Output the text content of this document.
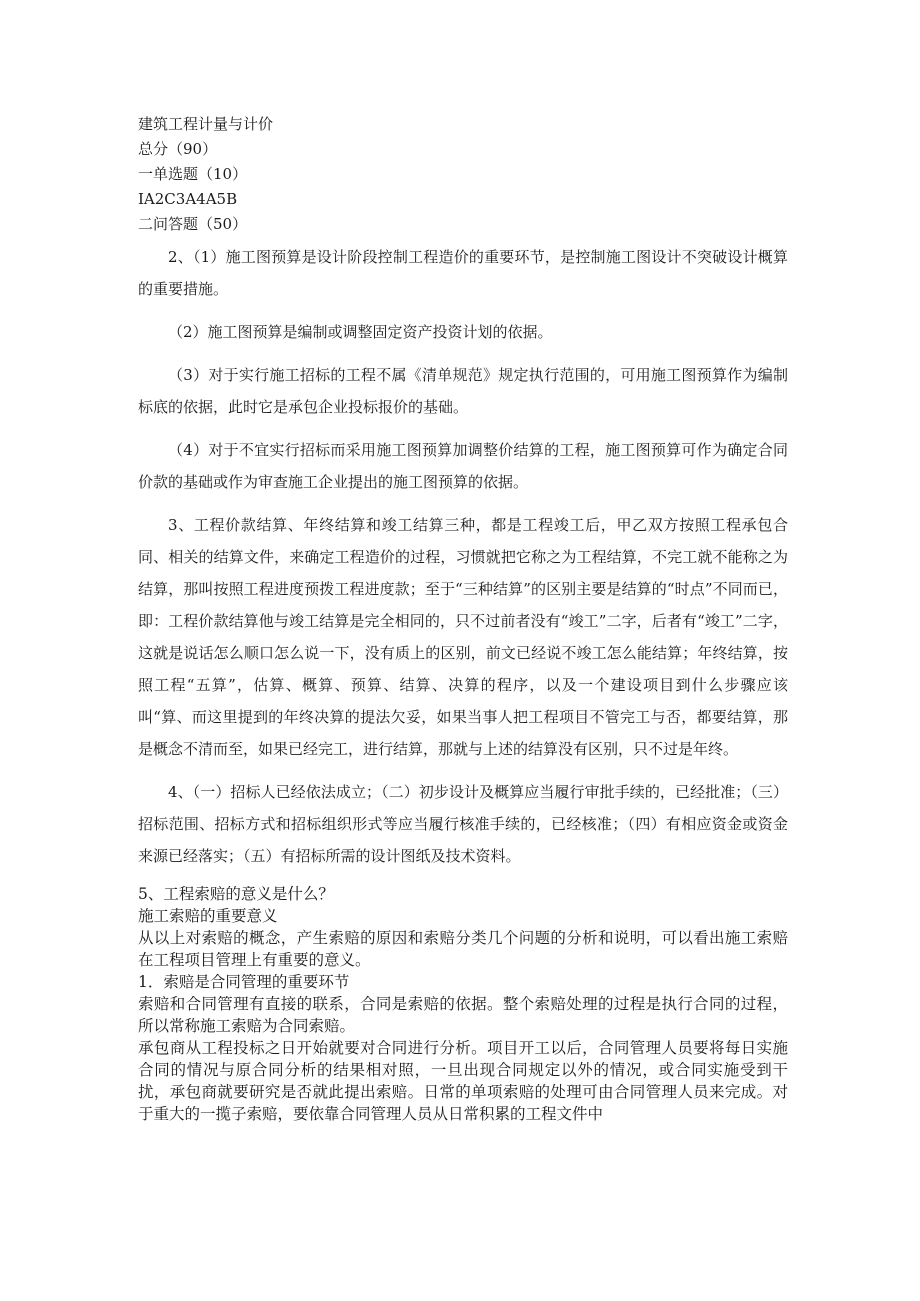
建筑工程计量与计价

总分（90）

一单选题（10）

IA2C3A4A5B

二问答题（50）

2、（1）施工图预算是设计阶段控制工程造价的重要环节，是控制施工图设计不突破设计概算的重要措施。

（2）施工图预算是编制或调整固定资产投资计划的依据。

（3）对于实行施工招标的工程不属《清单规范》规定执行范围的，可用施工图预算作为编制标底的依据，此时它是承包企业投标报价的基础。

（4）对于不宜实行招标而采用施工图预算加调整价结算的工程，施工图预算可作为确定合同价款的基础或作为审查施工企业提出的施工图预算的依据。

3、工程价款结算、年终结算和竣工结算三种，都是工程竣工后，甲乙双方按照工程承包合同、相关的结算文件，来确定工程造价的过程，习惯就把它称之为工程结算，不完工就不能称之为结算，那叫按照工程进度预拨工程进度款；至于“三种结算”的区别主要是结算的“时点”不同而已，即：工程价款结算他与竣工结算是完全相同的，只不过前者没有“竣工”二字，后者有“竣工”二字，这就是说话怎么顺口怎么说一下，没有质上的区别，前文已经说不竣工怎么能结算；年终结算，按照工程“五算”，估算、概算、预算、结算、决算的程序，以及一个建设项目到什么步骤应该叫“算、而这里提到的年终决算的提法欠妥，如果当事人把工程项目不管完工与否，都要结算，那是概念不清而至，如果已经完工，进行结算，那就与上述的结算没有区别，只不过是年终。

4、（一）招标人已经依法成立；（二）初步设计及概算应当履行审批手续的，已经批准；（三）招标范围、招标方式和招标组织形式等应当履行核准手续的，已经核准；（四）有相应资金或资金来源已经落实；（五）有招标所需的设计图纸及技术资料。

5、工程索赔的意义是什么？

施工索赔的重要意义

从以上对索赔的概念，产生索赔的原因和索赔分类几个问题的分析和说明，可以看出施工索赔在工程项目管理上有重要的意义。

1．索赔是合同管理的重要环节

索赔和合同管理有直接的联系，合同是索赔的依据。整个索赔处理的过程是执行合同的过程，所以常称施工索赔为合同索赔。

承包商从工程投标之日开始就要对合同进行分析。项目开工以后，合同管理人员要将每日实施合同的情况与原合同分析的结果相对照，一旦出现合同规定以外的情况，或合同实施受到干扰，承包商就要研究是否就此提出索赔。日常的单项索赔的处理可由合同管理人员来完成。对于重大的一揽子索赔，要依靠合同管理人员从日常积累的工程文件中
